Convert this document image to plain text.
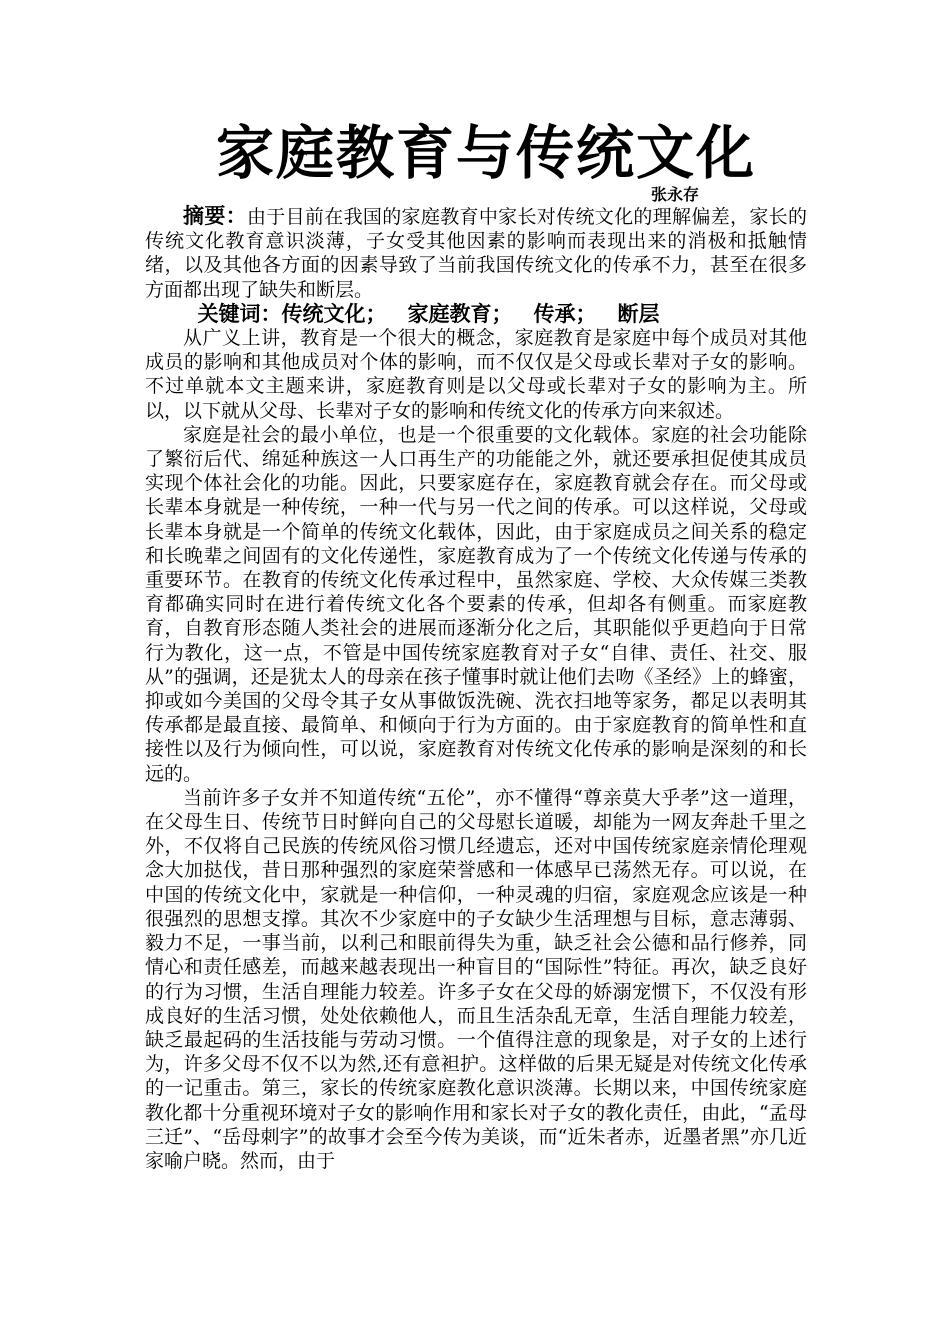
家庭教育与传统文化

张永存

摘要：由于目前在我国的家庭教育中家长对传统文化的理解偏差，家长的传统文化教育意识淡薄，子女受其他因素的影响而表现出来的消极和抵触情绪，以及其他各方面的因素导致了当前我国传统文化的传承不力，甚至在很多方面都出现了缺失和断层。

关键词：传统文化； 家庭教育； 传承； 断层

从广义上讲，教育是一个很大的概念，家庭教育是家庭中每个成员对其他成员的影响和其他成员对个体的影响，而不仅仅是父母或长辈对子女的影响。不过单就本文主题来讲，家庭教育则是以父母或长辈对子女的影响为主。所以，以下就从父母、长辈对子女的影响和传统文化的传承方向来叙述。

家庭是社会的最小单位，也是一个很重要的文化载体。家庭的社会功能除了繁衍后代、绵延种族这一人口再生产的功能能之外，就还要承担促使其成员实现个体社会化的功能。因此，只要家庭存在，家庭教育就会存在。而父母或长辈本身就是一种传统，一种一代与另一代之间的传承。可以这样说，父母或长辈本身就是一个简单的传统文化载体，因此，由于家庭成员之间关系的稳定和长晚辈之间固有的文化传递性，家庭教育成为了一个传统文化传递与传承的重要环节。在教育的传统文化传承过程中，虽然家庭、学校、大众传媒三类教育都确实同时在进行着传统文化各个要素的传承，但却各有侧重。而家庭教育，自教育形态随人类社会的进展而逐渐分化之后，其职能似乎更趋向于日常行为教化，这一点，不管是中国传统家庭教育对子女“自律、责任、社交、服从”的强调，还是犹太人的母亲在孩子懂事时就让他们去吻《圣经》上的蜂蜜，抑或如今美国的父母令其子女从事做饭洗碗、洗衣扫地等家务，都足以表明其传承都是最直接、最简单、和倾向于行为方面的。由于家庭教育的简单性和直接性以及行为倾向性，可以说，家庭教育对传统文化传承的影响是深刻的和长远的。

当前许多子女并不知道传统“五伦”，亦不懂得“尊亲莫大乎孝”这一道理，在父母生日、传统节日时鲜向自己的父母慰长道暖，却能为一网友奔赴千里之外，不仅将自己民族的传统风俗习惯几经遗忘，还对中国传统家庭亲情伦理观念大加挞伐，昔日那种强烈的家庭荣誉感和一体感早已荡然无存。可以说，在中国的传统文化中，家就是一种信仰，一种灵魂的归宿，家庭观念应该是一种很强烈的思想支撑。其次不少家庭中的子女缺少生活理想与目标，意志薄弱、毅力不足，一事当前，以利己和眼前得失为重，缺乏社会公德和品行修养，同情心和责任感差，而越来越表现出一种盲目的“国际性”特征。再次，缺乏良好的行为习惯，生活自理能力较差。许多子女在父母的娇溺宠惯下，不仅没有形成良好的生活习惯，处处依赖他人，而且生活杂乱无章，生活自理能力较差，缺乏最起码的生活技能与劳动习惯。一个值得注意的现象是，对子女的上述行为，许多父母不仅不以为然,还有意袒护。这样做的后果无疑是对传统文化传承的一记重击。第三，家长的传统家庭教化意识淡薄。长期以来，中国传统家庭教化都十分重视环境对子女的影响作用和家长对子女的教化责任，由此，“孟母三迁”、“岳母刺字”的故事才会至今传为美谈，而“近朱者赤，近墨者黑”亦几近家喻户晓。然而，由于
